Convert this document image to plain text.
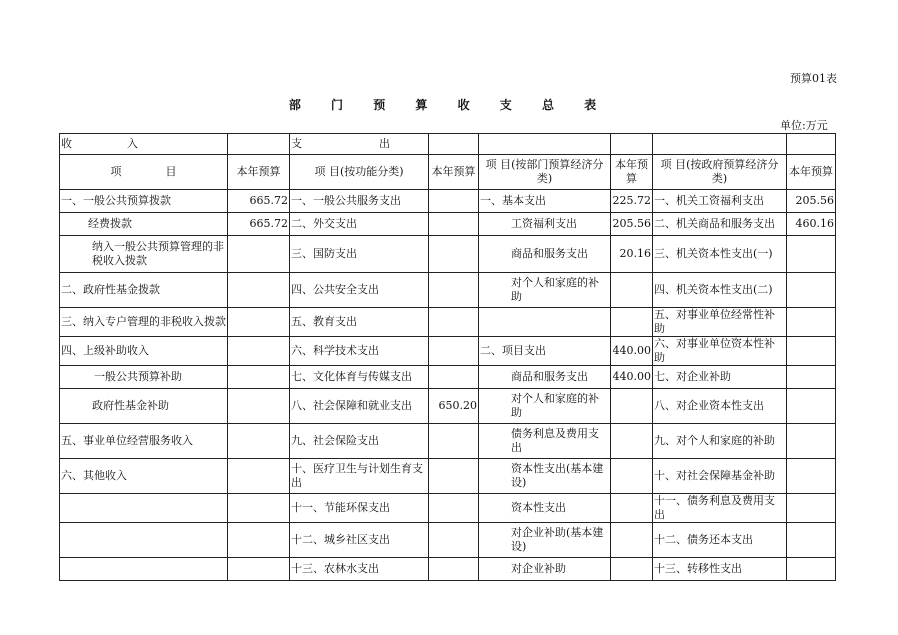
预算01表
部 门 预 算 收 支 总 表
单位:万元
收　　　　　入		支　　　　　　　出					
项　　　　目	本年预算	项 目(按功能分类)	本年预算	项 目(按部门预算经济分类)	本年预算	项 目(按政府预算经济分类)	本年预算
一、一般公共预算拨款	665.72	一、一般公共服务支出		一、基本支出	225.72	一、机关工资福利支出	205.56
经费拨款	665.72	二、外交支出		工资福利支出	205.56	二、机关商品和服务支出	460.16
纳入一般公共预算管理的非税收入拨款		三、国防支出		商品和服务支出	20.16	三、机关资本性支出(一)	
二、政府性基金拨款		四、公共安全支出		对个人和家庭的补助		四、机关资本性支出(二)	
三、纳入专户管理的非税收入拨款		五、教育支出				五、对事业单位经常性补助	
四、上级补助收入		六、科学技术支出		二、项目支出	440.00	六、对事业单位资本性补助	
一般公共预算补助		七、文化体育与传媒支出		商品和服务支出	440.00	七、对企业补助	
政府性基金补助		八、社会保障和就业支出	650.20	对个人和家庭的补助		八、对企业资本性支出	
五、事业单位经营服务收入		九、社会保险支出		债务利息及费用支出		九、对个人和家庭的补助	
六、其他收入		十、医疗卫生与计划生育支出		资本性支出(基本建设)		十、对社会保障基金补助	
		十一、节能环保支出		资本性支出		十一、债务利息及费用支出	
		十二、城乡社区支出		对企业补助(基本建设)		十二、债务还本支出	
		十三、农林水支出		对企业补助		十三、转移性支出	
